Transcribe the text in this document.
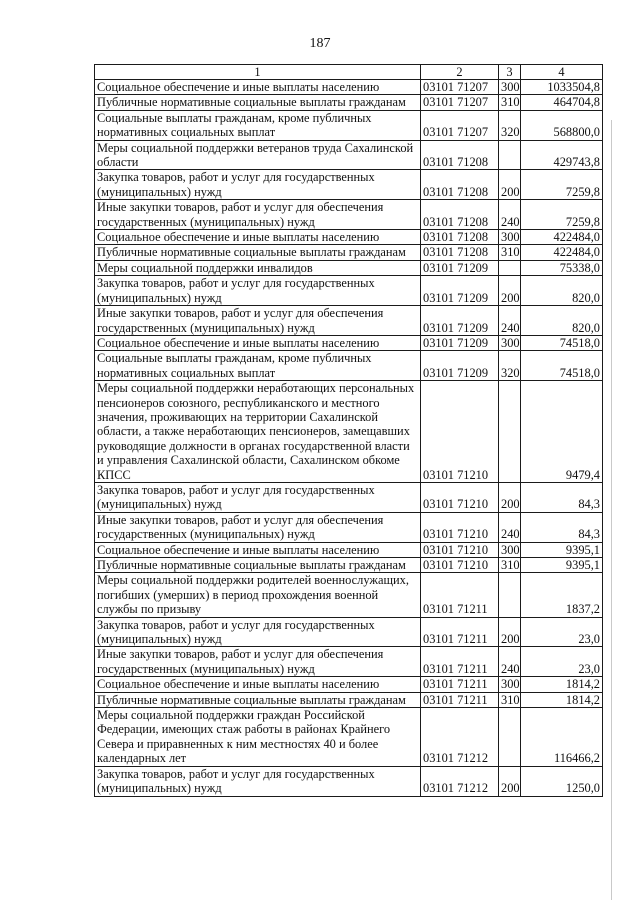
187
1	2	3	4
Социальное обеспечение и иные выплаты населению	03101 71207	300	1033504,8
Публичные нормативные социальные выплаты гражданам	03101 71207	310	464704,8
Социальные выплаты гражданам, кроме публичных нормативных социальных выплат	03101 71207	320	568800,0
Меры социальной поддержки ветеранов труда Сахалинской области	03101 71208		429743,8
Закупка товаров, работ и услуг для государственных (муниципальных) нужд	03101 71208	200	7259,8
Иные закупки товаров, работ и услуг для обеспечения государственных (муниципальных) нужд	03101 71208	240	7259,8
Социальное обеспечение и иные выплаты населению	03101 71208	300	422484,0
Публичные нормативные социальные выплаты гражданам	03101 71208	310	422484,0
Меры социальной поддержки инвалидов	03101 71209		75338,0
Закупка товаров, работ и услуг для государственных (муниципальных) нужд	03101 71209	200	820,0
Иные закупки товаров, работ и услуг для обеспечения государственных (муниципальных) нужд	03101 71209	240	820,0
Социальное обеспечение и иные выплаты населению	03101 71209	300	74518,0
Социальные выплаты гражданам, кроме публичных нормативных социальных выплат	03101 71209	320	74518,0
Меры социальной поддержки неработающих персональных пенсионеров союзного, республиканского и местного значения, проживающих на территории Сахалинской области, а также неработающих пенсионеров, замещавших руководящие должности в органах государственной власти и управления Сахалинской области, Сахалинском обкоме КПСС	03101 71210		9479,4
Закупка товаров, работ и услуг для государственных (муниципальных) нужд	03101 71210	200	84,3
Иные закупки товаров, работ и услуг для обеспечения государственных (муниципальных) нужд	03101 71210	240	84,3
Социальное обеспечение и иные выплаты населению	03101 71210	300	9395,1
Публичные нормативные социальные выплаты гражданам	03101 71210	310	9395,1
Меры социальной поддержки родителей военнослужащих, погибших (умерших) в период прохождения военной службы по призыву	03101 71211		1837,2
Закупка товаров, работ и услуг для государственных (муниципальных) нужд	03101 71211	200	23,0
Иные закупки товаров, работ и услуг для обеспечения государственных (муниципальных) нужд	03101 71211	240	23,0
Социальное обеспечение и иные выплаты населению	03101 71211	300	1814,2
Публичные нормативные социальные выплаты гражданам	03101 71211	310	1814,2
Меры социальной поддержки граждан Российской Федерации, имеющих стаж работы в районах Крайнего Севера и приравненных к ним местностях 40 и более календарных лет	03101 71212		116466,2
Закупка товаров, работ и услуг для государственных (муниципальных) нужд	03101 71212	200	1250,0
